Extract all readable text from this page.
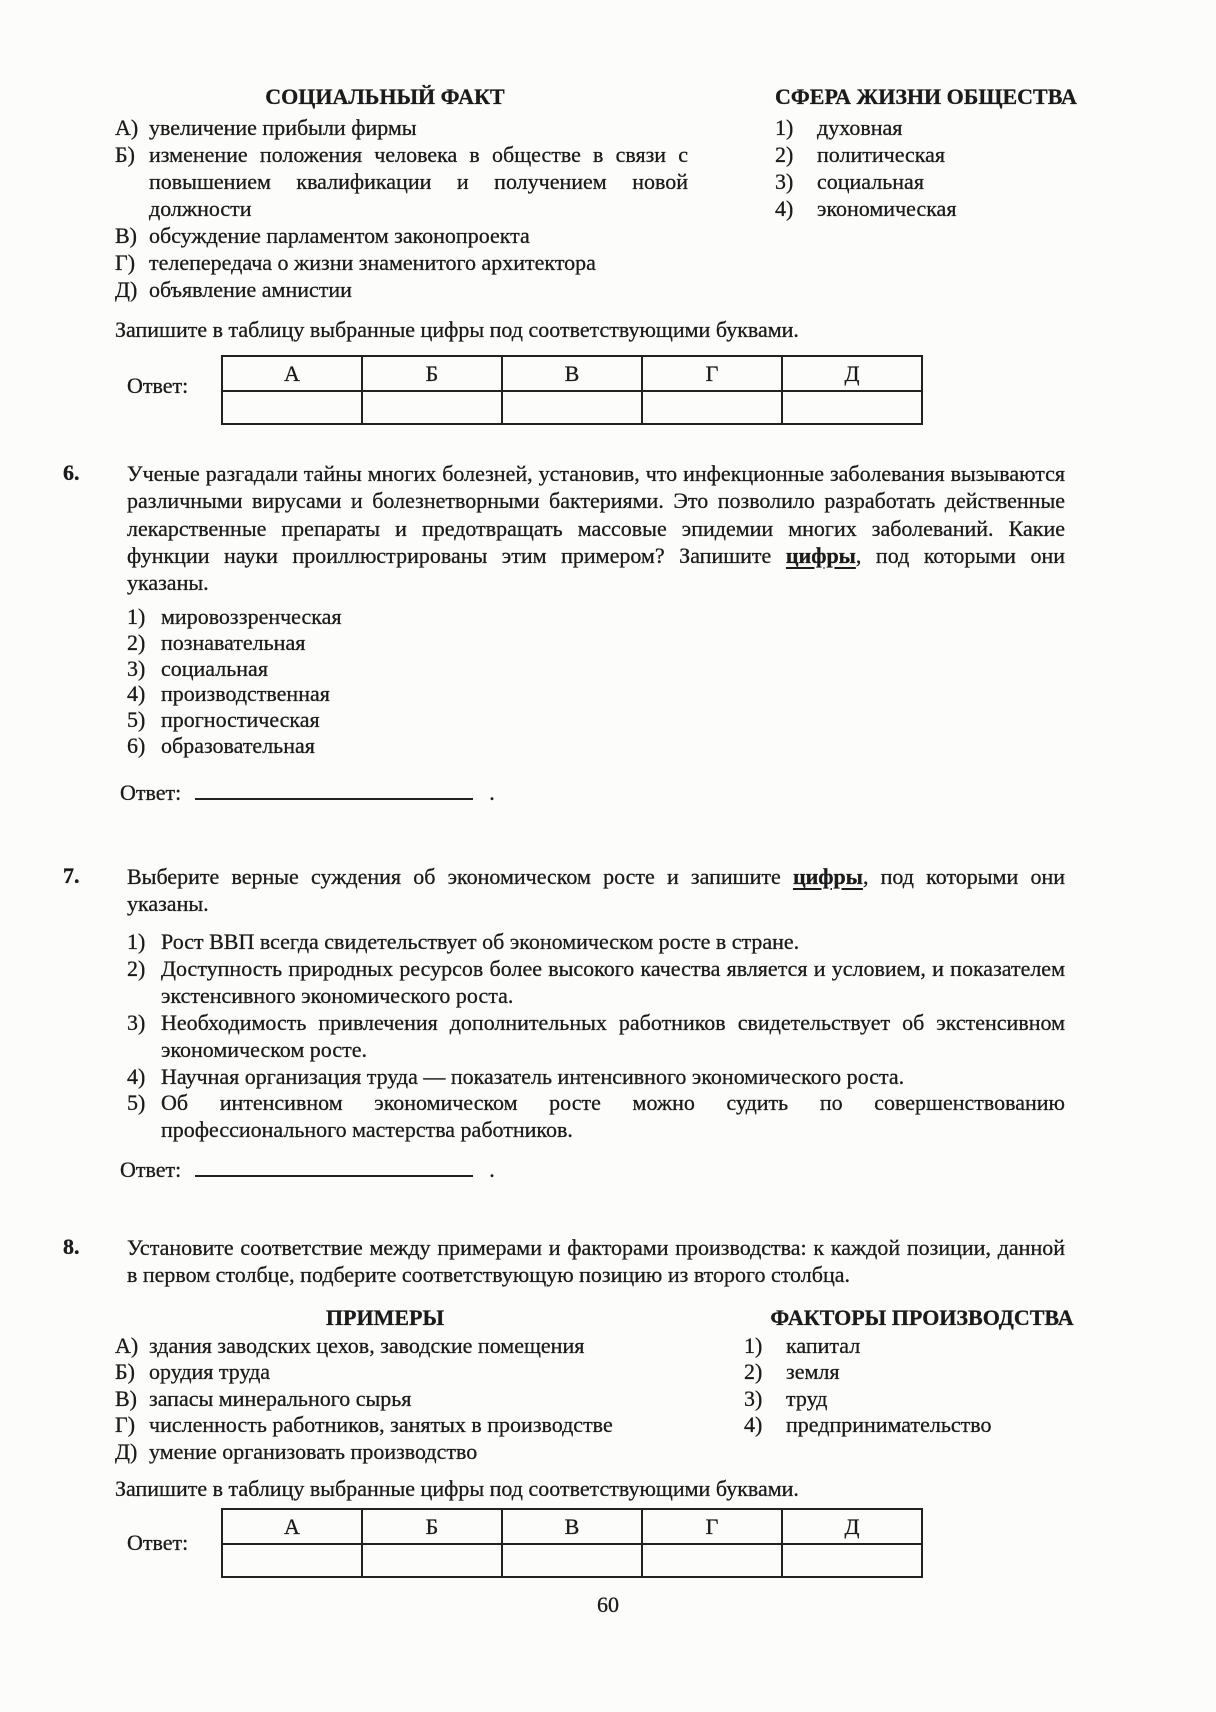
СОЦИАЛЬНЫЙ ФАКТ	СФЕРА ЖИЗНИ ОБЩЕСТВА
А) увеличение прибыли фирмы
Б) изменение положения человека в обществе в связи с повышением квалификации и получением новой должности
В) обсуждение парламентом законопроекта
Г) телепередача о жизни знаменитого архитектора
Д) объявление амнистии
1)	духовная
2)	политическая
3)	социальная
4)	экономическая
Запишите в таблицу выбранные цифры под соответствующими буквами.
Ответ:	А	Б	В	Г	Д

6. Ученые разгадали тайны многих болезней, установив, что инфекционные заболевания вызываются различными вирусами и болезнетворными бактериями. Это позволило разработать действенные лекарственные препараты и предотвращать массовые эпидемии многих заболеваний. Какие функции науки проиллюстрированы этим примером? Запишите цифры, под которыми они указаны.
1) мировоззренческая
2) познавательная
3) социальная
4) производственная
5) прогностическая
6) образовательная
Ответ:	.
7. Выберите верные суждения об экономическом росте и запишите цифры, под которыми они указаны.
1) Рост ВВП всегда свидетельствует об экономическом росте в стране.
2) Доступность природных ресурсов более высокого качества является и условием, и показателем экстенсивного экономического роста.
3) Необходимость привлечения дополнительных работников свидетельствует об экстенсивном экономическом росте.
4) Научная организация труда — показатель интенсивного экономического роста.
5) Об интенсивном экономическом росте можно судить по совершенствованию профессионального мастерства работников.
Ответ:	.
8. Установите соответствие между примерами и факторами производства: к каждой позиции, данной в первом столбце, подберите соответствующую позицию из второго столбца.
ПРИМЕРЫ	ФАКТОРЫ ПРОИЗВОДСТВА
А) здания заводских цехов, заводские помещения
Б) орудия труда
В) запасы минерального сырья
Г) численность работников, занятых в производстве
Д) умение организовать производство
1)	капитал
2)	земля
3)	труд
4)	предпринимательство
Запишите в таблицу выбранные цифры под соответствующими буквами.
Ответ:
А	Б	В	Г	Д

60
